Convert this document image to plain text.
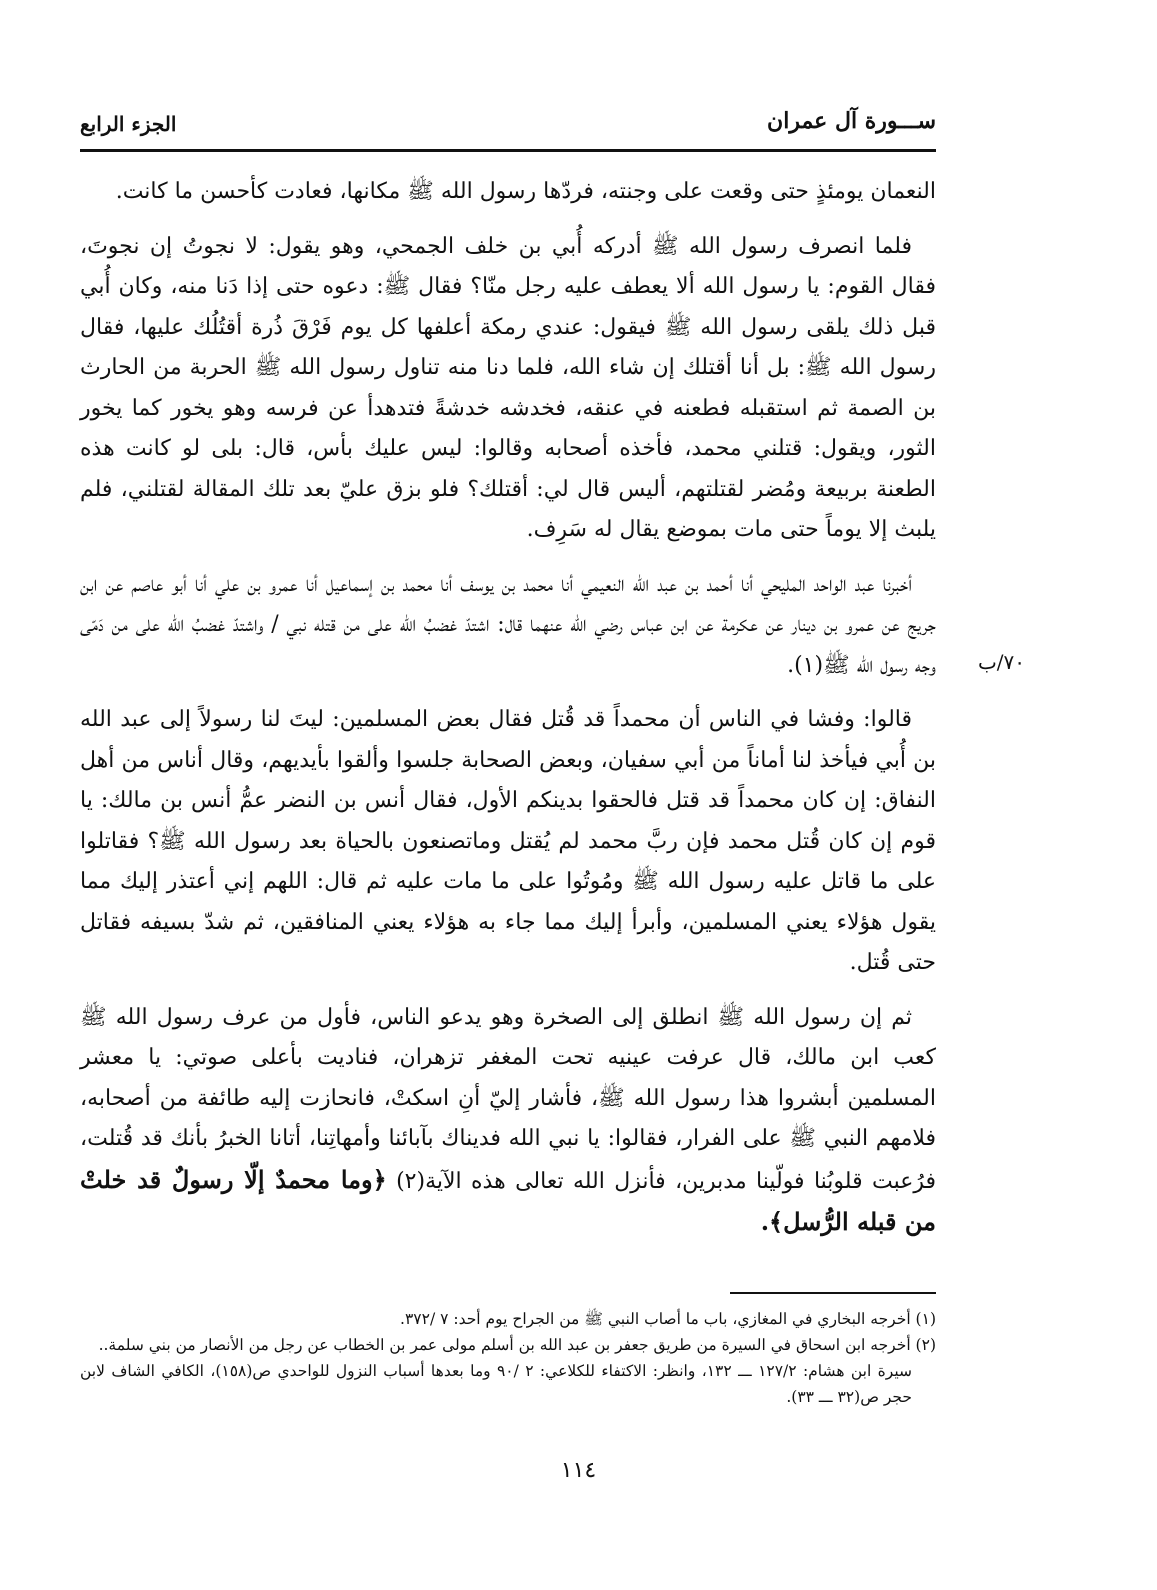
ســـورة آل عمران
الجزء الرابع

النعمان يومئذٍ حتى وقعت على وجنته، فردّها رسول الله ﷺ مكانها، فعادت كأحسن ما كانت.

فلما انصرف رسول الله ﷺ أدركه أُبي بن خلف الجمحي، وهو يقول: لا نجوتُ إن نجوتَ، فقال القوم: يا رسول الله ألا يعطف عليه رجل منّا؟ فقال ﷺ: دعوه حتى إذا دَنا منه، وكان أُبي قبل ذلك يلقى رسول الله ﷺ فيقول: عندي رمكة أعلفها كل يوم فَرْقَ ذُرة أقتُلُك عليها، فقال رسول الله ﷺ: بل أنا أقتلك إن شاء الله، فلما دنا منه تناول رسول الله ﷺ الحربة من الحارث بن الصمة ثم استقبله فطعنه في عنقه، فخدشه خدشةً فتدهدأ عن فرسه وهو يخور كما يخور الثور، ويقول: قتلني محمد، فأخذه أصحابه وقالوا: ليس عليك بأس، قال: بلى لو كانت هذه الطعنة بربيعة ومُضر لقتلتهم، أليس قال لي: أقتلك؟ فلو بزق عليّ بعد تلك المقالة لقتلني، فلم يلبث إلا يوماً حتى مات بموضع يقال له سَرِف.

أخبرنا عبد الواحد المليحي أنا أحمد بن عبد الله النعيمي أنا محمد بن يوسف أنا محمد بن إسماعيل أنا عمرو بن علي أنا أبو عاصم عن ابن جريج عن عمرو بن دينار عن عكرمة عن ابن عباس رضي الله عنهما قال: اشتدّ غضبُ الله على من قتله نبي / واشتدّ غضبُ الله على من دَمّى وجه رسول الله ﷺ(١).

قالوا: وفشا في الناس أن محمداً قد قُتل فقال بعض المسلمين: ليتَ لنا رسولاً إلى عبد الله بن أُبي فيأخذ لنا أماناً من أبي سفيان، وبعض الصحابة جلسوا وألقوا بأيديهم، وقال أناس من أهل النفاق: إن كان محمداً قد قتل فالحقوا بدينكم الأول، فقال أنس بن النضر عمُّ أنس بن مالك: يا قوم إن كان قُتل محمد فإن ربَّ محمد لم يُقتل وماتصنعون بالحياة بعد رسول الله ﷺ؟ فقاتلوا على ما قاتل عليه رسول الله ﷺ ومُوتُوا على ما مات عليه ثم قال: اللهم إني أعتذر إليك مما يقول هؤلاء يعني المسلمين، وأبرأ إليك مما جاء به هؤلاء يعني المنافقين، ثم شدّ بسيفه فقاتل حتى قُتل.

ثم إن رسول الله ﷺ انطلق إلى الصخرة وهو يدعو الناس، فأول من عرف رسول الله ﷺ كعب ابن مالك، قال عرفت عينيه تحت المغفر تزهران، فناديت بأعلى صوتي: يا معشر المسلمين أبشروا هذا رسول الله ﷺ، فأشار إليّ أنِ اسكتْ، فانحازت إليه طائفة من أصحابه، فلامهم النبي ﷺ على الفرار، فقالوا: يا نبي الله فديناك بآبائنا وأمهاتِنا، أتانا الخبرُ بأنك قد قُتلت، فرُعبت قلوبُنا فولّينا مدبرين، فأنزل الله تعالى هذه الآية(٢) ﴿وما محمدٌ إلّا رسولٌ قد خلتْ من قبله الرُّسل﴾.

٧٠/ب

(١) أخرجه البخاري في المغازي، باب ما أصاب النبي ﷺ من الجراح يوم أحد: ٧ /٣٧٢.

(٢) أخرجه ابن اسحاق في السيرة من طريق جعفر بن عبد الله بن أسلم مولى عمر بن الخطاب عن رجل من الأنصار من بني سلمة..

سيرة ابن هشام: ١٢٧/٢ ـــ ١٣٢، وانظر: الاكتفاء للكلاعي: ٢ /٩٠ وما بعدها أسباب النزول للواحدي ص(١٥٨)، الكافي الشاف لابن حجر ص(٣٢ ـــ ٣٣).

١١٤
